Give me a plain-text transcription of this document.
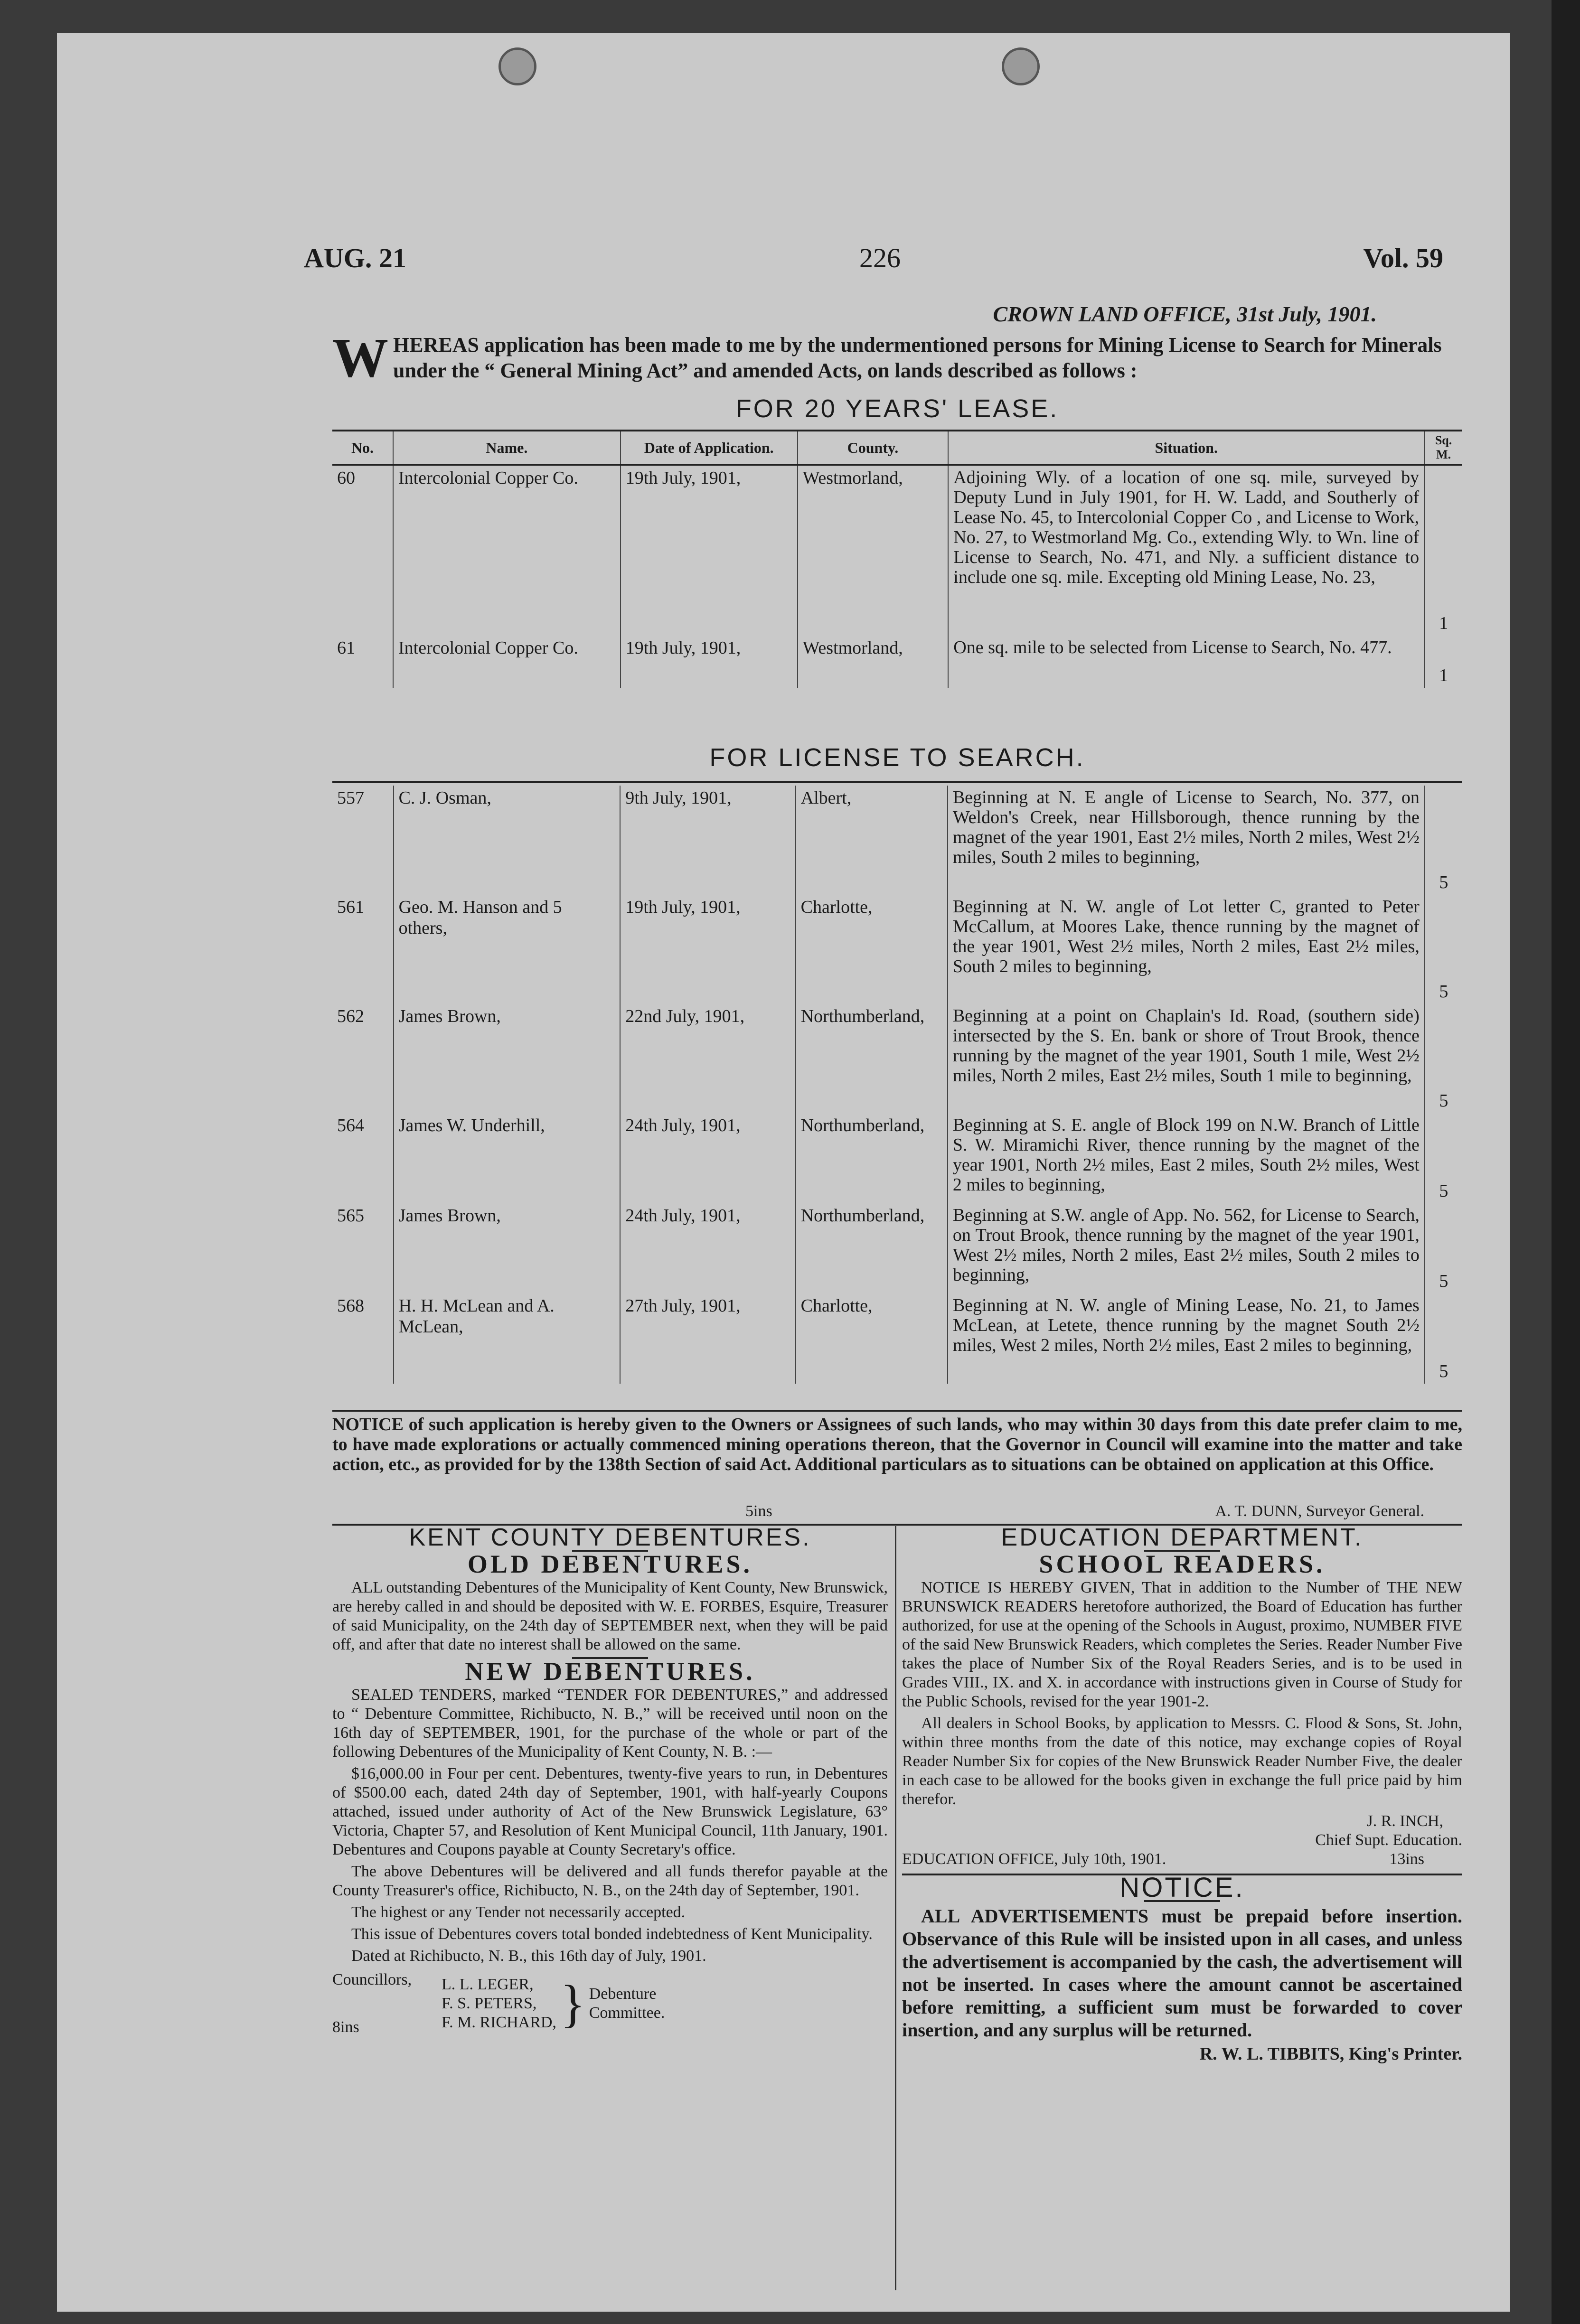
AUG. 21	226	Vol. 59
CROWN LAND OFFICE, 31st July, 1901.
WHEREAS application has been made to me by the undermentioned persons for Mining License to Search for Minerals under the “ General Mining Act” and amended Acts, on lands described as follows :
FOR 20 YEARS' LEASE.
No.	Name.	Date of Application.	County.	Situation.	Sq. M.
60	Intercolonial Copper Co.	19th July, 1901,	Westmorland,	Adjoining Wly. of a location of one sq. mile, surveyed by Deputy Lund in July 1901, for H. W. Ladd, and Southerly of Lease No. 45, to Intercolonial Copper Co , and License to Work, No. 27, to Westmorland Mg. Co., extending Wly. to Wn. line of License to Search, No. 471, and Nly. a sufficient distance to include one sq. mile. Excepting old Mining Lease, No. 23,	1
61	Intercolonial Copper Co.	19th July, 1901,	Westmorland,	One sq. mile to be selected from License to Search, No. 477.	1
FOR LICENSE TO SEARCH.
557	C. J. Osman,	9th July, 1901,	Albert,	Beginning at N. E angle of License to Search, No. 377, on Weldon's Creek, near Hillsborough, thence running by the magnet of the year 1901, East 2½ miles, North 2 miles, West 2½ miles, South 2 miles to beginning,	5
561	Geo. M. Hanson and 5 others,	19th July, 1901,	Charlotte,	Beginning at N. W. angle of Lot letter C, granted to Peter McCallum, at Moores Lake, thence running by the magnet of the year 1901, West 2½ miles, North 2 miles, East 2½ miles, South 2 miles to beginning,	5
562	James Brown,	22nd July, 1901,	Northumberland,	Beginning at a point on Chaplain's Id. Road, (southern side) intersected by the S. En. bank or shore of Trout Brook, thence running by the magnet of the year 1901, South 1 mile, West 2½ miles, North 2 miles, East 2½ miles, South 1 mile to beginning,	5
564	James W. Underhill,	24th July, 1901,	Northumberland,	Beginning at S. E. angle of Block 199 on N.W. Branch of Little S. W. Miramichi River, thence running by the magnet of the year 1901, North 2½ miles, East 2 miles, South 2½ miles, West 2 miles to beginning,	5
565	James Brown,	24th July, 1901,	Northumberland,	Beginning at S.W. angle of App. No. 562, for License to Search, on Trout Brook, thence running by the magnet of the year 1901, West 2½ miles, North 2 miles, East 2½ miles, South 2 miles to beginning,	5
568	H. H. McLean and A. McLean,	27th July, 1901,	Charlotte,	Beginning at N. W. angle of Mining Lease, No. 21, to James McLean, at Letete, thence running by the magnet South 2½ miles, West 2 miles, North 2½ miles, East 2 miles to beginning,	5
NOTICE of such application is hereby given to the Owners or Assignees of such lands, who may within 30 days from this date prefer claim to me, to have made explorations or actually commenced mining operations thereon, that the Governor in Council will examine into the matter and take action, etc., as provided for by the 138th Section of said Act. Additional particulars as to situations can be obtained on application at this Office.
5ins	A. T. DUNN, Surveyor General.
KENT COUNTY DEBENTURES.
OLD DEBENTURES.

ALL outstanding Debentures of the Municipality of Kent County, New Brunswick, are hereby called in and should be deposited with W. E. FORBES, Esquire, Treasurer of said Municipality, on the 24th day of SEPTEMBER next, when they will be paid off, and after that date no interest shall be allowed on the same.

NEW DEBENTURES.

SEALED TENDERS, marked “TENDER FOR DEBENTURES,” and addressed to “ Debenture Committee, Richibucto, N. B.,” will be received until noon on the 16th day of SEPTEMBER, 1901, for the purchase of the whole or part of the following Debentures of the Municipality of Kent County, N. B. :—

$16,000.00 in Four per cent. Debentures, twenty-five years to run, in Debentures of $500.00 each, dated 24th day of September, 1901, with half-yearly Coupons attached, issued under authority of Act of the New Brunswick Legislature, 63° Victoria, Chapter 57, and Resolution of Kent Municipal Council, 11th January, 1901. Debentures and Coupons payable at County Secretary's office.

The above Debentures will be delivered and all funds therefor payable at the County Treasurer's office, Richibucto, N. B., on the 24th day of September, 1901.

The highest or any Tender not necessarily accepted.

This issue of Debentures covers total bonded indebtedness of Kent Municipality.

Dated at Richibucto, N. B., this 16th day of July, 1901.

Councillors,
8ins
L. L. LEGER,
F. S. PETERS,
F. M. RICHARD, } Debenture Committee.
EDUCATION DEPARTMENT.
SCHOOL READERS.

NOTICE IS HEREBY GIVEN, That in addition to the Number of THE NEW BRUNSWICK READERS heretofore authorized, the Board of Education has further authorized, for use at the opening of the Schools in August, proximo, NUMBER FIVE of the said New Brunswick Readers, which completes the Series. Reader Number Five takes the place of Number Six of the Royal Readers Series, and is to be used in Grades VIII., IX. and X. in accordance with instructions given in Course of Study for the Public Schools, revised for the year 1901-2.

All dealers in School Books, by application to Messrs. C. Flood & Sons, St. John, within three months from the date of this notice, may exchange copies of Royal Reader Number Six for copies of the New Brunswick Reader Number Five, the dealer in each case to be allowed for the books given in exchange the full price paid by him therefor.

J. R. INCH,
Chief Supt. Education.
EDUCATION OFFICE, July 10th, 1901.	13ins
NOTICE.

ALL ADVERTISEMENTS must be prepaid before insertion. Observance of this Rule will be insisted upon in all cases, and unless the advertisement is accompanied by the cash, the advertisement will not be inserted. In cases where the amount cannot be ascertained before remitting, a sufficient sum must be forwarded to cover insertion, and any surplus will be returned.

R. W. L. TIBBITS, King's Printer.
